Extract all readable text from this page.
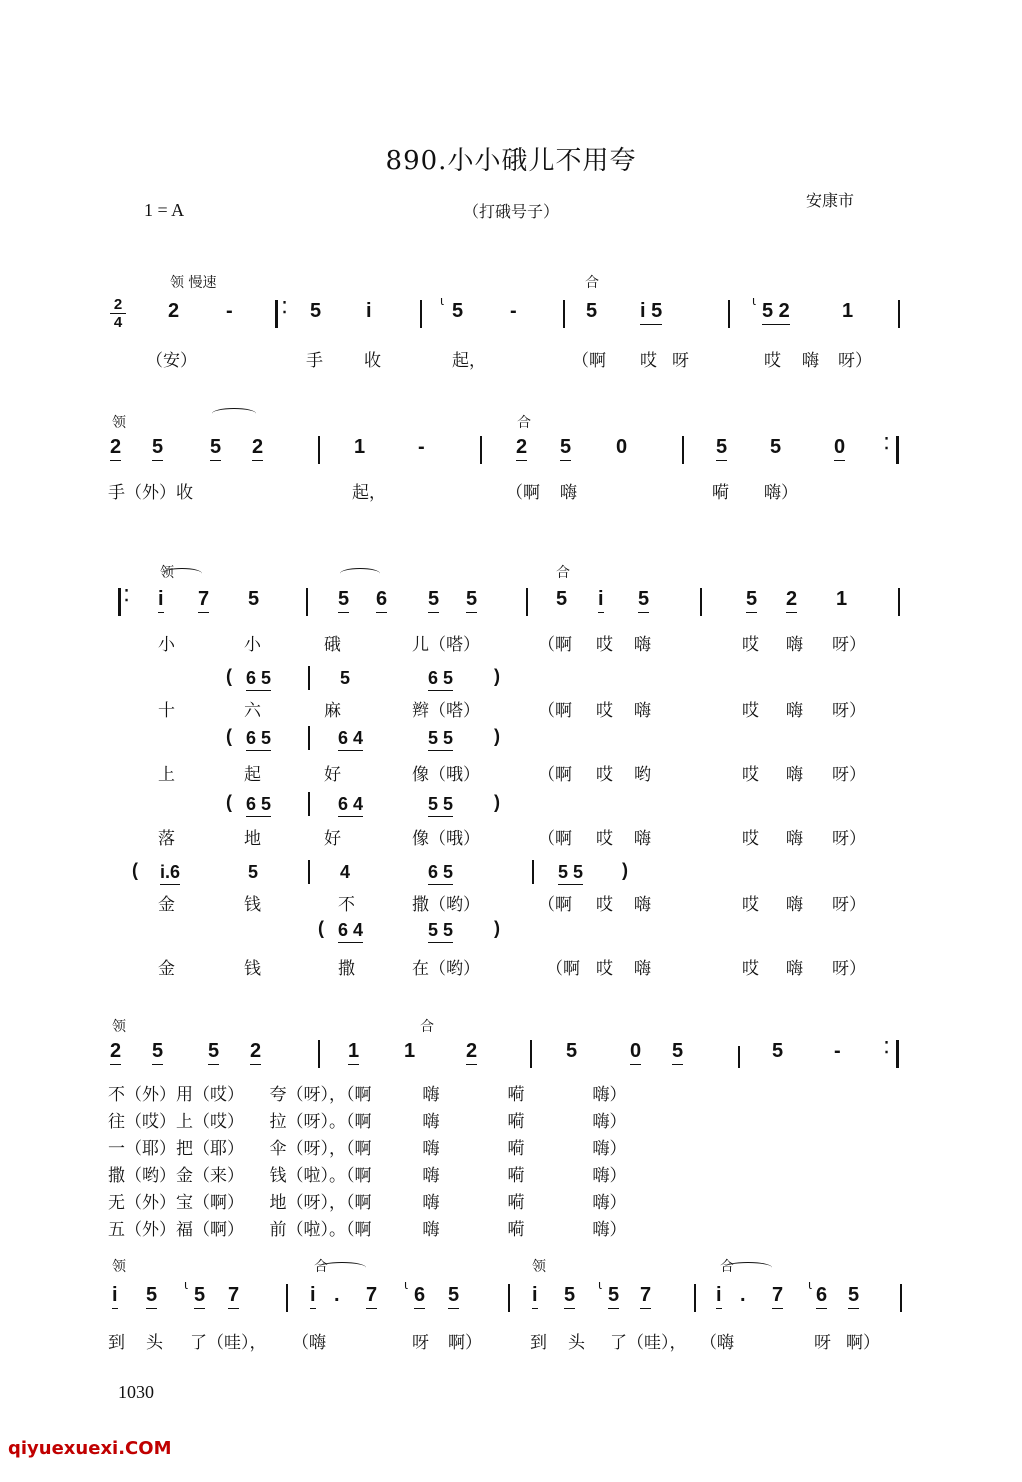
890.小小硪儿不用夸
1 = A	（打硪号子）
安康市
2
4
领 慢速	合
2 -	⁚ 5 i	ɩ 5 -	5 i 5	ɩ 5 2	1
（安）	手 收	起，	（啊 哎 呀	哎 嗨 呀）
领	合
2 5 5 2	1	-	2 5 0	5 5	0 ⁚
手（外）收	起，	（啊 嗨	嗬 嗨）
领	合
⁚ i 7 5	5 6 5 5	5 i 5	5 2 1
小	小	硪	儿（嗒）	（啊 哎 嗨	哎 嗨 呀）
( 6 5	5	6 5 )
十	六	麻	辫（嗒）	（啊 哎 嗨	哎 嗨 呀）
( 6 5	6 4	5 5 )
上	起	好	像（哦）	（啊 哎 哟	哎 嗨 呀）
( 6 5	6 4	5 5 )
落	地	好	像（哦）	（啊 哎 嗨	哎 嗨 呀）
( i.6	5	4	6 5	5 5 )
金	钱	不	撒（哟）	（啊 哎 嗨	哎 嗨 呀）
( 6 4	5 5 )
金	钱	撒	在（哟）	（啊 哎 嗨	哎 嗨 呀）
领	合
2 5 5 2	1 1	2	5	0 5	5	-	⁚
不（外）用（哎）　　夸（呀），（啊　　　嗨　　　　嗬　　　　嗨）
往（哎）上（哎）　　拉（呀）。（啊　　　嗨　　　　嗬　　　　嗨）
一（耶）把（耶）　　伞（呀），（啊　　　嗨　　　　嗬　　　　嗨）
撒（哟）金（来）　　钱（啦）。（啊　　　嗨　　　　嗬　　　　嗨）
无（外）宝（啊）　　地（呀），（啊　　　嗨　　　　嗬　　　　嗨）
五（外）福（啊）　　前（啦）。（啊　　　嗨　　　　嗬　　　　嗨）
领	合	领	合
i 5 ɩ 5 7	i . 7 ɩ 6 5	i 5 ɩ 5 7	i . 7 ɩ 6 5
到 头 了（哇）， （嗨	呀 啊）	到 头 了（哇）， （嗨	呀 啊）
1030
qiyuexuexi.COM
